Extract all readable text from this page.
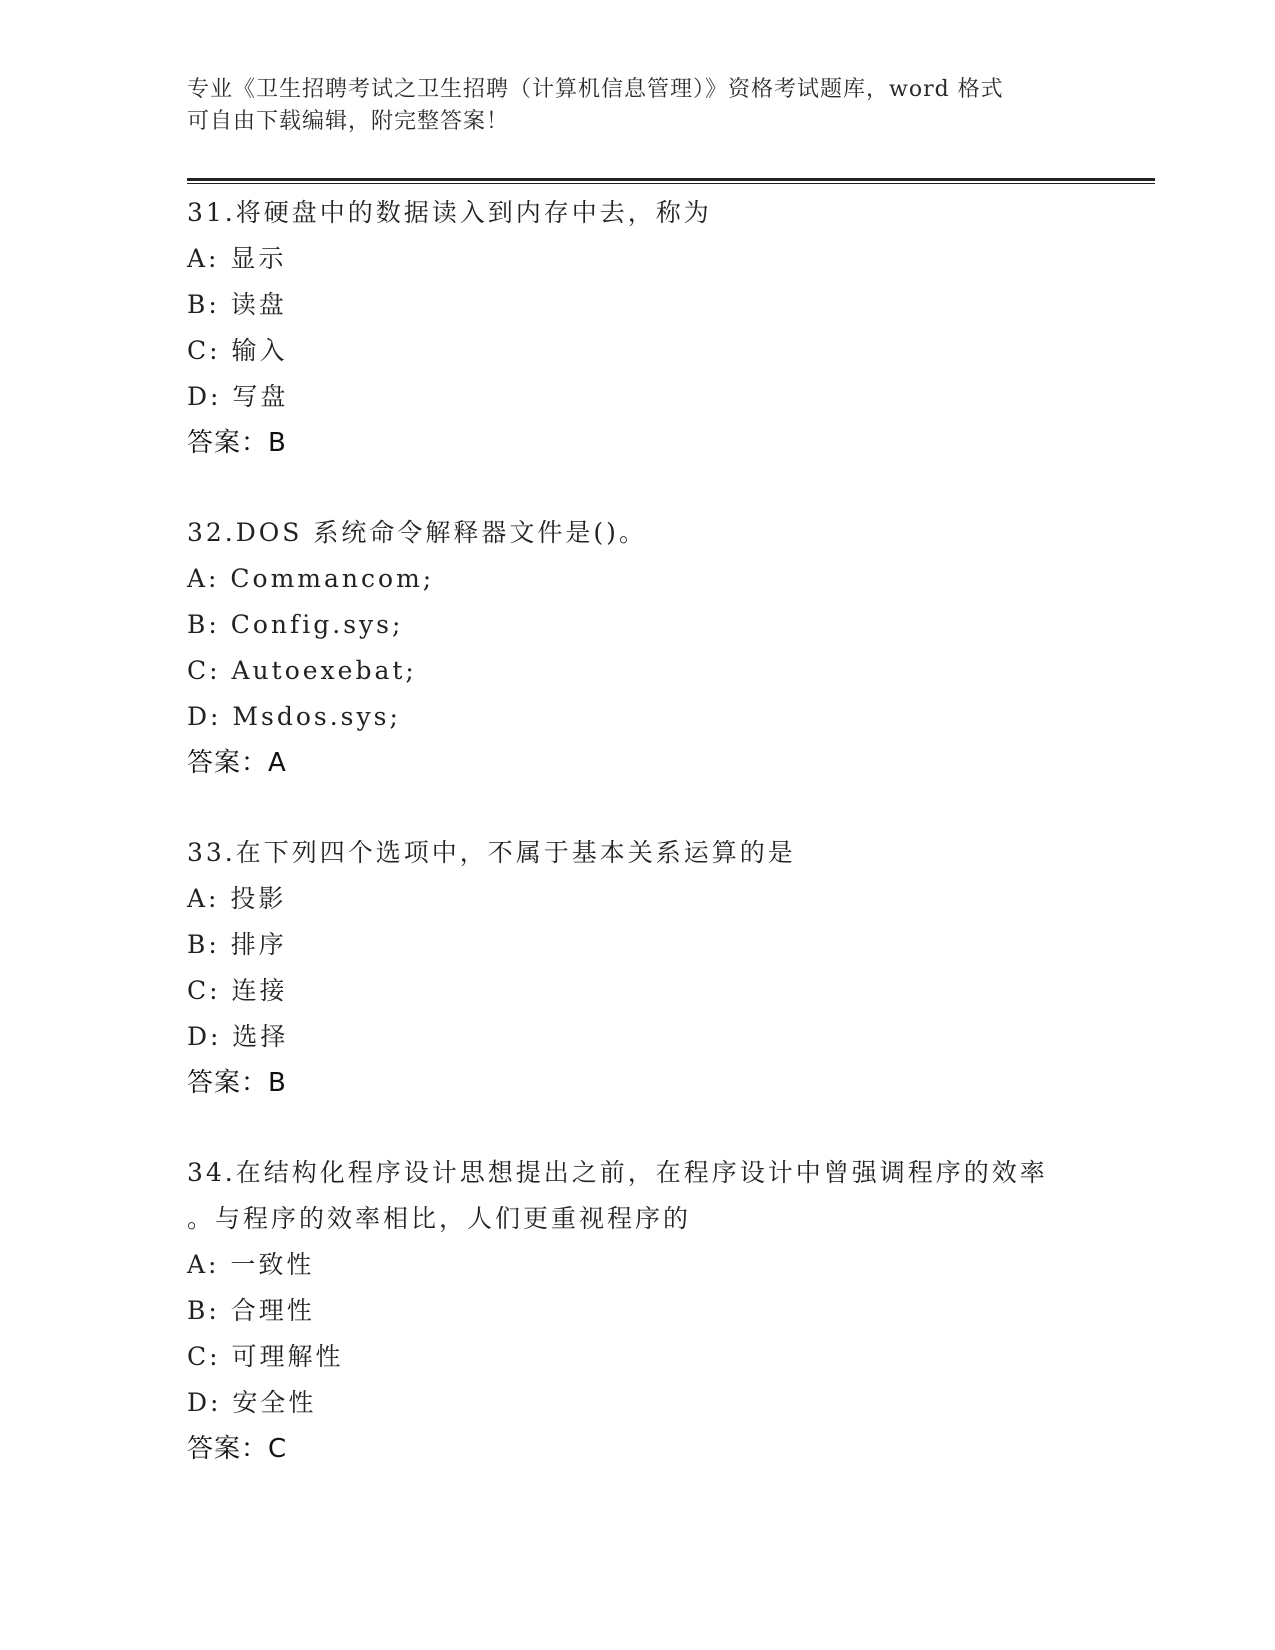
专业《卫生招聘考试之卫生招聘（计算机信息管理）》资格考试题库，word 格式
可自由下载编辑，附完整答案！
31.将硬盘中的数据读入到内存中去，称为
A: 显示
B: 读盘
C: 输入
D: 写盘
答案：B
32.DOS 系统命令解释器文件是()。
A: Commancom;
B: Config.sys;
C: Autoexebat;
D: Msdos.sys;
答案：A
33.在下列四个选项中，不属于基本关系运算的是
A: 投影
B: 排序
C: 连接
D: 选择
答案：B
34.在结构化程序设计思想提出之前，在程序设计中曾强调程序的效率
。与程序的效率相比，人们更重视程序的
A: 一致性
B: 合理性
C: 可理解性
D: 安全性
答案：C
